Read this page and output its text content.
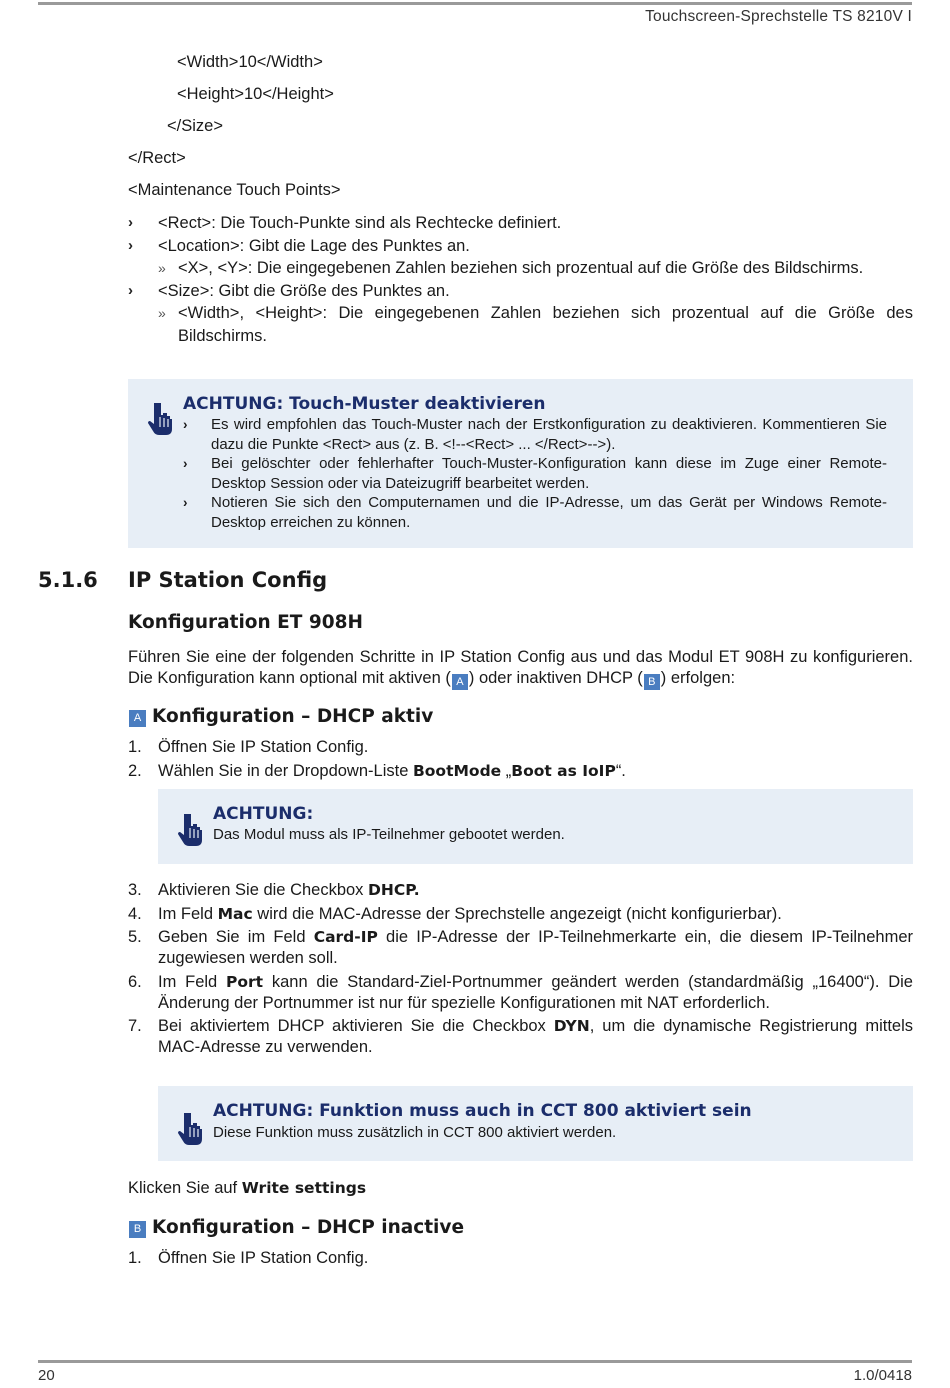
Touchscreen-Sprechstelle TS 8210V I
<Width>10</Width>
<Height>10</Height>
</Size>
</Rect>
<Maintenance Touch Points>
› <Rect>: Die Touch-Punkte sind als Rechtecke definiert.
› <Location>: Gibt die Lage des Punktes an.
» <X>, <Y>: Die eingegebenen Zahlen beziehen sich prozentual auf die Größe des Bildschirms.
› <Size>: Gibt die Größe des Punktes an.
» <Width>, <Height>: Die eingegebenen Zahlen beziehen sich prozentual auf die Größe des Bildschirms.
ACHTUNG: Touch-Muster deaktivieren
› Es wird empfohlen das Touch-Muster nach der Erstkonfiguration zu deaktivieren. Kommentieren Sie dazu die Punkte <Rect> aus (z. B. <!--<Rect> ... </Rect>-->).
› Bei gelöschter oder fehlerhafter Touch-Muster-Konfiguration kann diese im Zuge einer Remote-Desktop Session oder via Dateizugriff bearbeitet werden.
› Notieren Sie sich den Computernamen und die IP-Adresse, um das Gerät per Windows Remote-Desktop erreichen zu können.
5.1.6 IP Station Config
Konfiguration ET 908H
Führen Sie eine der folgenden Schritte in IP Station Config aus und das Modul ET 908H zu konfigurieren. Die Konfiguration kann optional mit aktiven ( A ) oder inaktiven DHCP ( B ) erfolgen:
A Konfiguration – DHCP aktiv
1. Öffnen Sie IP Station Config.
2. Wählen Sie in der Dropdown-Liste BootMode „Boot as IoIP“.
ACHTUNG:
Das Modul muss als IP-Teilnehmer gebootet werden.
3. Aktivieren Sie die Checkbox DHCP.
4. Im Feld Mac wird die MAC-Adresse der Sprechstelle angezeigt (nicht konfigurierbar).
5. Geben Sie im Feld Card-IP die IP-Adresse der IP-Teilnehmerkarte ein, die diesem IP-Teilnehmer zugewiesen werden soll.
6. Im Feld Port kann die Standard-Ziel-Portnummer geändert werden (standardmäßig „16400“). Die Änderung der Portnummer ist nur für spezielle Konfigurationen mit NAT erforderlich.
7. Bei aktiviertem DHCP aktivieren Sie die Checkbox DYN, um die dynamische Registrierung mittels MAC-Adresse zu verwenden.
ACHTUNG: Funktion muss auch in CCT 800 aktiviert sein
Diese Funktion muss zusätzlich in CCT 800 aktiviert werden.
Klicken Sie auf Write settings
B Konfiguration – DHCP inactive
1. Öffnen Sie IP Station Config.
20	1.0/0418
